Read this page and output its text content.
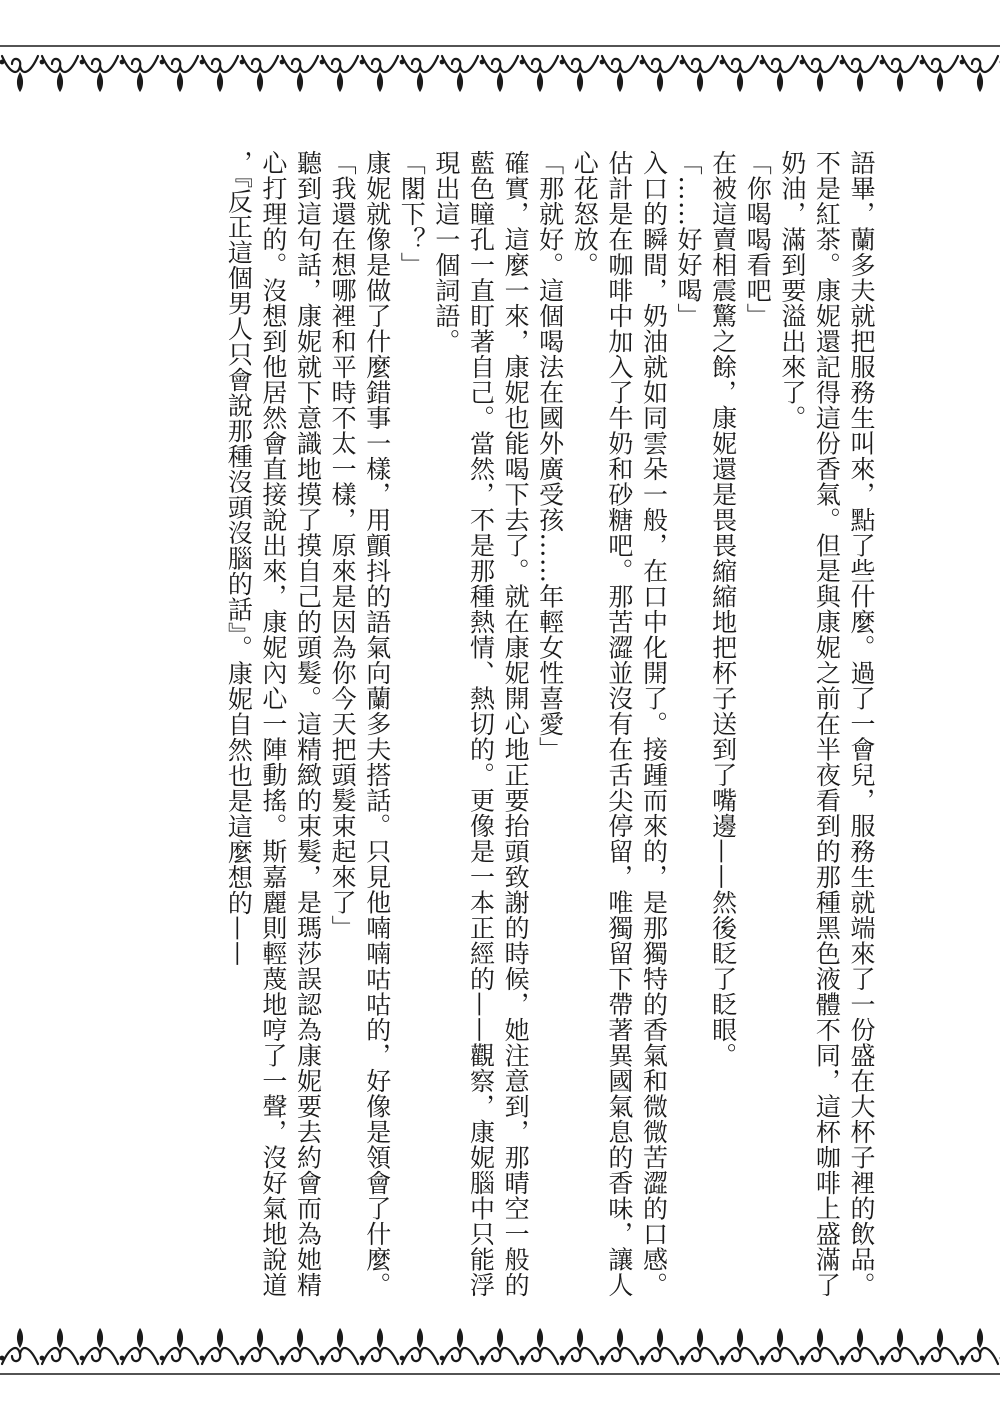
語畢，蘭多夫就把服務生叫來，點了些什麼。過了一會兒，服務生就端來了一份盛在大杯子裡的飲品。不是紅茶。康妮還記得這份香氣。但是與康妮之前在半夜看到的那種黑色液體不同，這杯咖啡上盛滿了奶油，滿到要溢出來了。

「你喝喝看吧」

在被這賣相震驚之餘，康妮還是畏畏縮縮地把杯子送到了嘴邊——然後眨了眨眼。

「……好好喝」

入口的瞬間，奶油就如同雲朵一般，在口中化開了。接踵而來的，是那獨特的香氣和微微苦澀的口感。估計是在咖啡中加入了牛奶和砂糖吧。那苦澀並沒有在舌尖停留，唯獨留下帶著異國氣息的香味，讓人心花怒放。

「那就好。這個喝法在國外廣受孩……年輕女性喜愛」

確實，這麼一來，康妮也能喝下去了。就在康妮開心地正要抬頭致謝的時候，她注意到，那晴空一般的藍色瞳孔一直盯著自己。當然，不是那種熱情、熱切的。更像是一本正經的——觀察，康妮腦中只能浮現出這一個詞語。

「閣下？」

康妮就像是做了什麼錯事一樣，用顫抖的語氣向蘭多夫搭話。只見他喃喃咕咕的，好像是領會了什麼。

「我還在想哪裡和平時不太一樣，原來是因為你今天把頭髮束起來了」

聽到這句話，康妮就下意識地摸了摸自己的頭髮。這精緻的束髮，是瑪莎誤認為康妮要去約會而為她精心打理的。沒想到他居然會直接說出來，康妮內心一陣動搖。斯嘉麗則輕蔑地哼了一聲，沒好氣地說道，『反正這個男人只會說那種沒頭沒腦的話』。康妮自然也是這麼想的——
